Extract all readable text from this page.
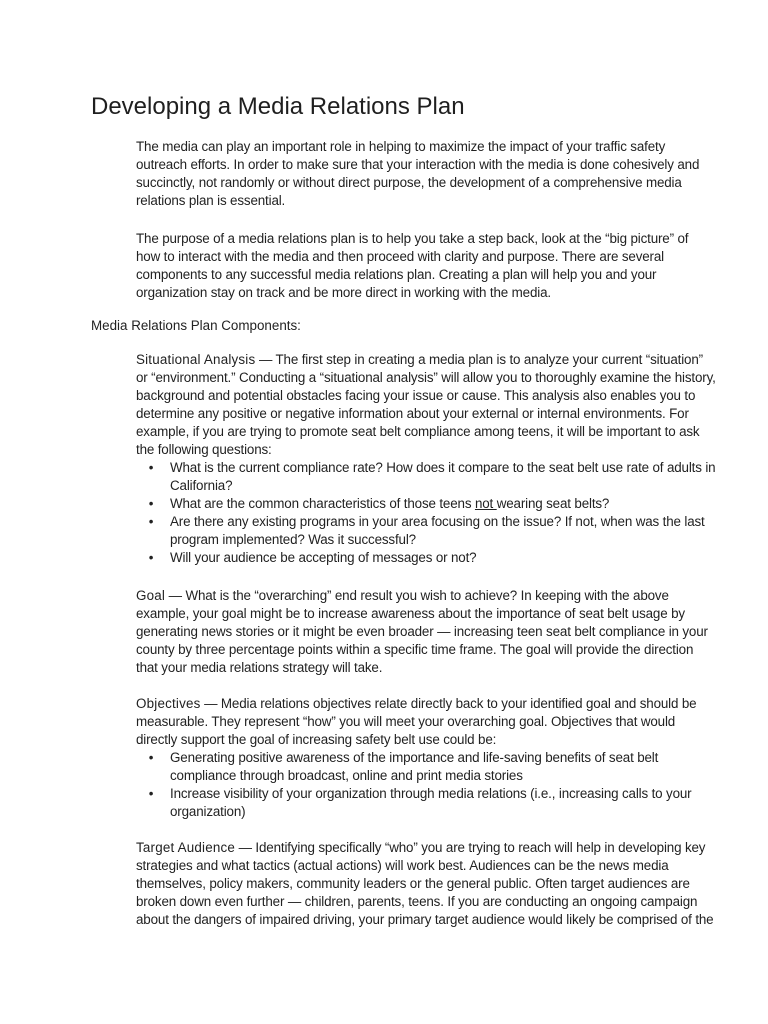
Developing a Media Relations Plan

The media can play an important role in helping to maximize the impact of your traffic safety outreach efforts. In order to make sure that your interaction with the media is done cohesively and succinctly, not randomly or without direct purpose, the development of a comprehensive media relations plan is essential.

The purpose of a media relations plan is to help you take a step back, look at the “big picture” of how to interact with the media and then proceed with clarity and purpose. There are several components to any successful media relations plan. Creating a plan will help you and your organization stay on track and be more direct in working with the media.

Media Relations Plan Components:

Situational Analysis — The first step in creating a media plan is to analyze your current “situation” or “environment.” Conducting a “situational analysis” will allow you to thoroughly examine the history, background and potential obstacles facing your issue or cause. This analysis also enables you to determine any positive or negative information about your external or internal environments. For example, if you are trying to promote seat belt compliance among teens, it will be important to ask the following questions:

• What is the current compliance rate? How does it compare to the seat belt use rate of adults in California?
• What are the common characteristics of those teens not wearing seat belts?
• Are there any existing programs in your area focusing on the issue? If not, when was the last program implemented? Was it successful?
• Will your audience be accepting of messages or not?

Goal — What is the “overarching” end result you wish to achieve? In keeping with the above example, your goal might be to increase awareness about the importance of seat belt usage by generating news stories or it might be even broader — increasing teen seat belt compliance in your county by three percentage points within a specific time frame. The goal will provide the direction that your media relations strategy will take.

Objectives — Media relations objectives relate directly back to your identified goal and should be measurable. They represent “how” you will meet your overarching goal. Objectives that would directly support the goal of increasing safety belt use could be:

• Generating positive awareness of the importance and life-saving benefits of seat belt compliance through broadcast, online and print media stories
• Increase visibility of your organization through media relations (i.e., increasing calls to your organization)

Target Audience — Identifying specifically “who” you are trying to reach will help in developing key strategies and what tactics (actual actions) will work best. Audiences can be the news media themselves, policy makers, community leaders or the general public. Often target audiences are broken down even further — children, parents, teens. If you are conducting an ongoing campaign about the dangers of impaired driving, your primary target audience would likely be comprised of the
